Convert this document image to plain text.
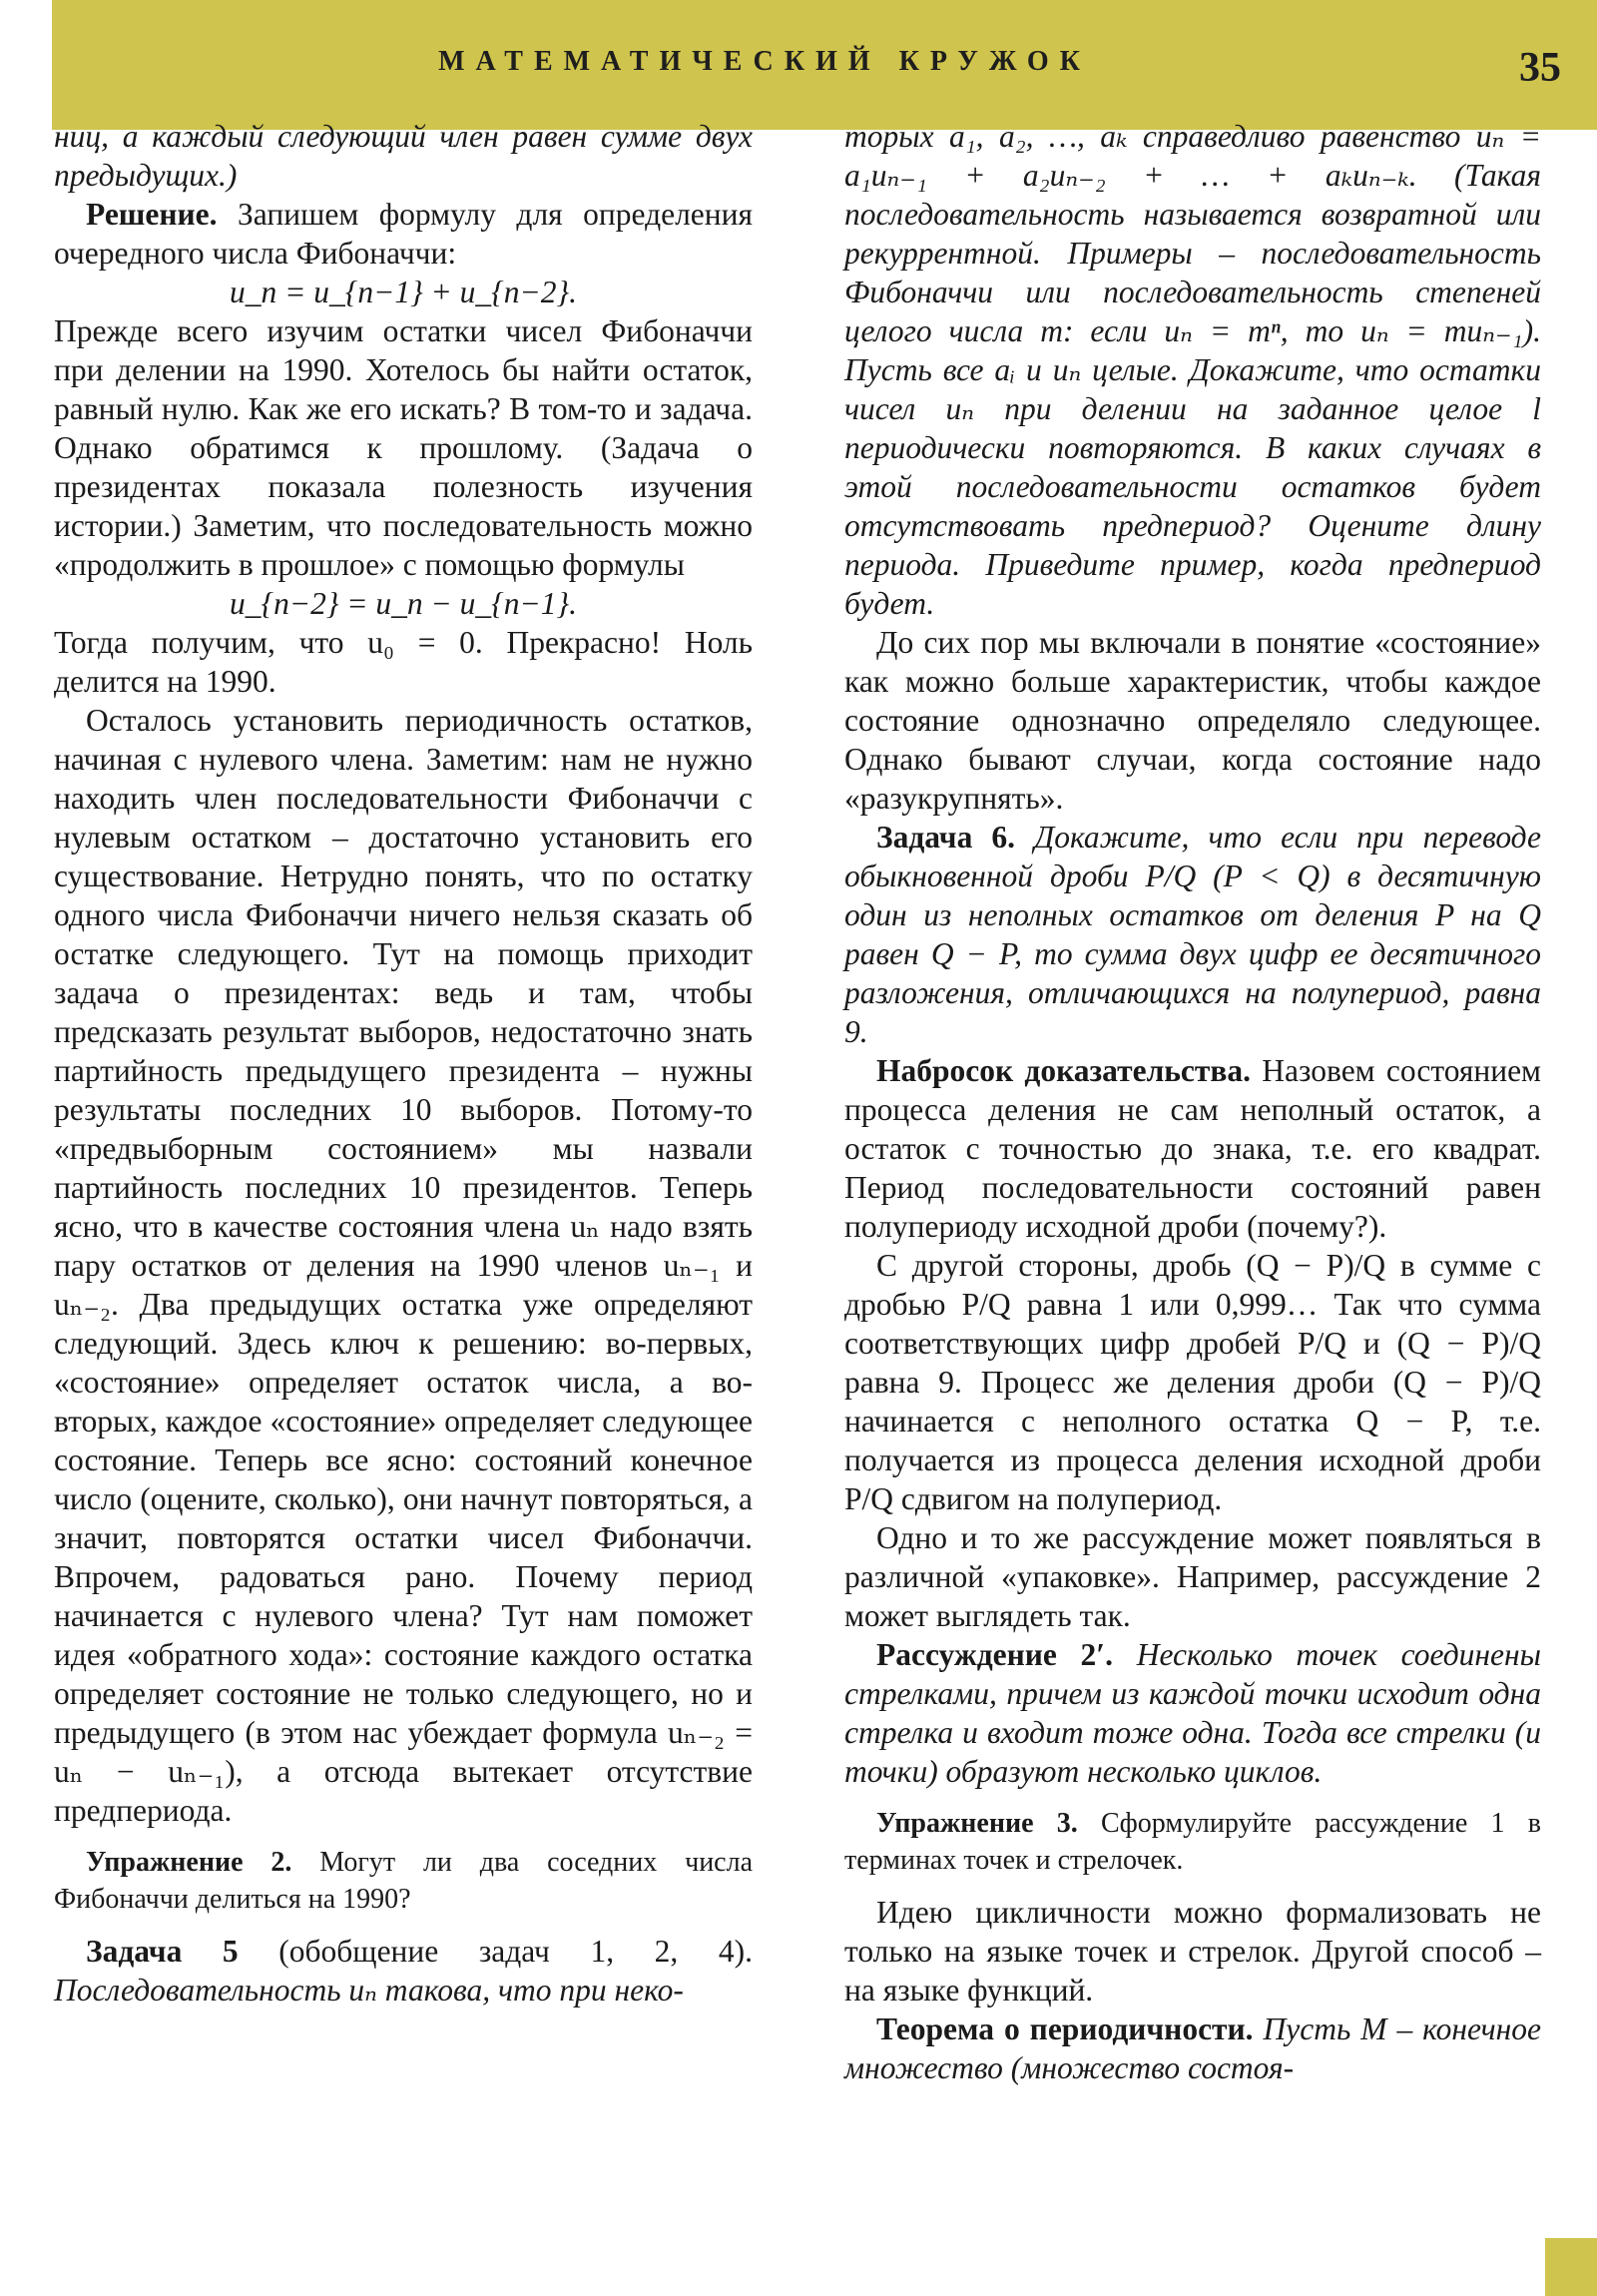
МАТЕМАТИЧЕСКИЙ КРУЖОК	35

ниц, а каждый следующий член равен сумме двух предыдущих.)

Решение. Запишем формулу для определения очередного числа Фибоначчи:

u_n = u_{n−1} + u_{n−2}.

Прежде всего изучим остатки чисел Фибоначчи при делении на 1990. Хотелось бы найти остаток, равный нулю. Как же его искать? В том-то и задача. Однако обратимся к прошлому. (Задача о президентах показала полезность изучения истории.) Заметим, что последовательность можно «продолжить в прошлое» с помощью формулы

u_{n−2} = u_n − u_{n−1}.

Тогда получим, что u₀ = 0. Прекрасно! Ноль делится на 1990.

Осталось установить периодичность остатков, начиная с нулевого члена. Заметим: нам не нужно находить член последовательности Фибоначчи с нулевым остатком – достаточно установить его существование. Нетрудно понять, что по остатку одного числа Фибоначчи ничего нельзя сказать об остатке следующего. Тут на помощь приходит задача о президентах: ведь и там, чтобы предсказать результат выборов, недостаточно знать партийность предыдущего президента – нужны результаты последних 10 выборов. Потому-то «предвыборным состоянием» мы назвали партийность последних 10 президентов. Теперь ясно, что в качестве состояния члена uₙ надо взять пару остатков от деления на 1990 членов uₙ₋₁ и uₙ₋₂. Два предыдущих остатка уже определяют следующий. Здесь ключ к решению: во-первых, «состояние» определяет остаток числа, а во-вторых, каждое «состояние» определяет следующее состояние. Теперь все ясно: состояний конечное число (оцените, сколько), они начнут повторяться, а значит, повторятся остатки чисел Фибоначчи. Впрочем, радоваться рано. Почему период начинается с нулевого члена? Тут нам поможет идея «обратного хода»: состояние каждого остатка определяет состояние не только следующего, но и предыдущего (в этом нас убеждает формула uₙ₋₂ = uₙ − uₙ₋₁), а отсюда вытекает отсутствие предпериода.

Упражнение 2. Могут ли два соседних числа Фибоначчи делиться на 1990?

Задача 5 (обобщение задач 1, 2, 4). Последовательность uₙ такова, что при неко-

торых a₁, a₂, …, aₖ справедливо равенство uₙ = a₁uₙ₋₁ + a₂uₙ₋₂ + … + aₖuₙ₋ₖ. (Такая последовательность называется возвратной или рекуррентной. Примеры – последовательность Фибоначчи или последовательность степеней целого числа m: если uₙ = mⁿ, то uₙ = muₙ₋₁). Пусть все aᵢ и uₙ целые. Докажите, что остатки чисел uₙ при делении на заданное целое l периодически повторяются. В каких случаях в этой последовательности остатков будет отсутствовать предпериод? Оцените длину периода. Приведите пример, когда предпериод будет.

До сих пор мы включали в понятие «состояние» как можно больше характеристик, чтобы каждое состояние однозначно определяло следующее. Однако бывают случаи, когда состояние надо «разукрупнять».

Задача 6. Докажите, что если при переводе обыкновенной дроби P/Q (P < Q) в десятичную один из неполных остатков от деления P на Q равен Q − P, то сумма двух цифр ее десятичного разложения, отличающихся на полупериод, равна 9.

Набросок доказательства. Назовем состоянием процесса деления не сам неполный остаток, а остаток с точностью до знака, т.е. его квадрат. Период последовательности состояний равен полупериоду исходной дроби (почему?).

С другой стороны, дробь (Q − P)/Q в сумме с дробью P/Q равна 1 или 0,999… Так что сумма соответствующих цифр дробей P/Q и (Q − P)/Q равна 9. Процесс же деления дроби (Q − P)/Q начинается с неполного остатка Q − P, т.е. получается из процесса деления исходной дроби P/Q сдвигом на полупериод.

Одно и то же рассуждение может появляться в различной «упаковке». Например, рассуждение 2 может выглядеть так.

Рассуждение 2′. Несколько точек соединены стрелками, причем из каждой точки исходит одна стрелка и входит тоже одна. Тогда все стрелки (и точки) образуют несколько циклов.

Упражнение 3. Сформулируйте рассуждение 1 в терминах точек и стрелочек.

Идею цикличности можно формализовать не только на языке точек и стрелок. Другой способ – на языке функций.

Теорема о периодичности. Пусть M – конечное множество (множество состоя-
